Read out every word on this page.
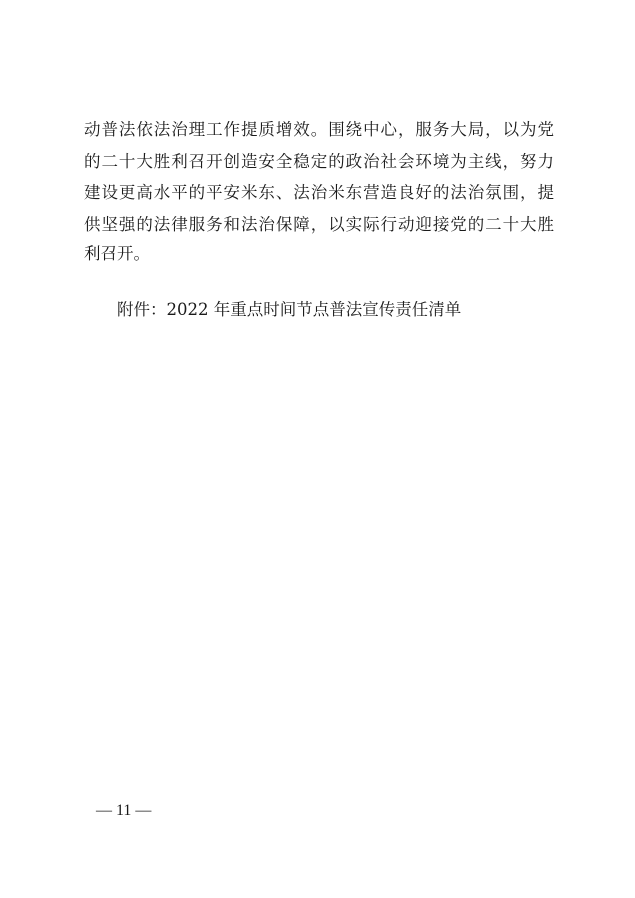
动普法依法治理工作提质增效。围绕中心，服务大局，以为党
的二十大胜利召开创造安全稳定的政治社会环境为主线，努力
建设更高水平的平安米东、法治米东营造良好的法治氛围，提
供坚强的法律服务和法治保障，以实际行动迎接党的二十大胜
利召开。
附件：2022 年重点时间节点普法宣传责任清单
— 11 —
